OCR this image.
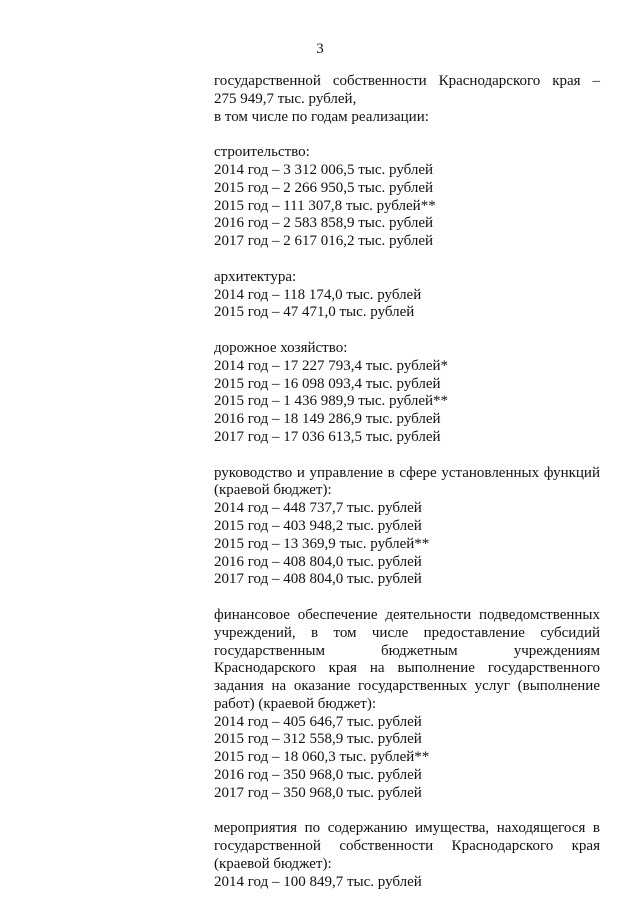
3
государственной собственности Краснодарского края –
275 949,7 тыс. рублей,
в том числе по годам реализации:
строительство:
2014 год – 3 312 006,5 тыс. рублей
2015 год – 2 266 950,5 тыс. рублей
2015 год – 111 307,8 тыс. рублей**
2016 год – 2 583 858,9 тыс. рублей
2017 год – 2 617 016,2 тыс. рублей
архитектура:
2014 год – 118 174,0 тыс. рублей
2015 год – 47 471,0 тыс. рублей
дорожное хозяйство:
2014 год – 17 227 793,4 тыс. рублей*
2015 год – 16 098 093,4 тыс. рублей
2015 год – 1 436 989,9 тыс. рублей**
2016 год – 18 149 286,9 тыс. рублей
2017 год – 17 036 613,5 тыс. рублей
руководство и управление в сфере установленных функций
(краевой бюджет):
2014 год – 448 737,7 тыс. рублей
2015 год – 403 948,2 тыс. рублей
2015 год – 13 369,9 тыс. рублей**
2016 год – 408 804,0 тыс. рублей
2017 год – 408 804,0 тыс. рублей
финансовое обеспечение деятельности подведомственных
учреждений, в том числе предоставление субсидий
государственным бюджетным учреждениям
Краснодарского края на выполнение государственного
задания на оказание государственных услуг (выполнение
работ) (краевой бюджет):
2014 год – 405 646,7 тыс. рублей
2015 год – 312 558,9 тыс. рублей
2015 год – 18 060,3 тыс. рублей**
2016 год – 350 968,0 тыс. рублей
2017 год – 350 968,0 тыс. рублей
мероприятия по содержанию имущества, находящегося в
государственной собственности Краснодарского края
(краевой бюджет):
2014 год – 100 849,7 тыс. рублей
